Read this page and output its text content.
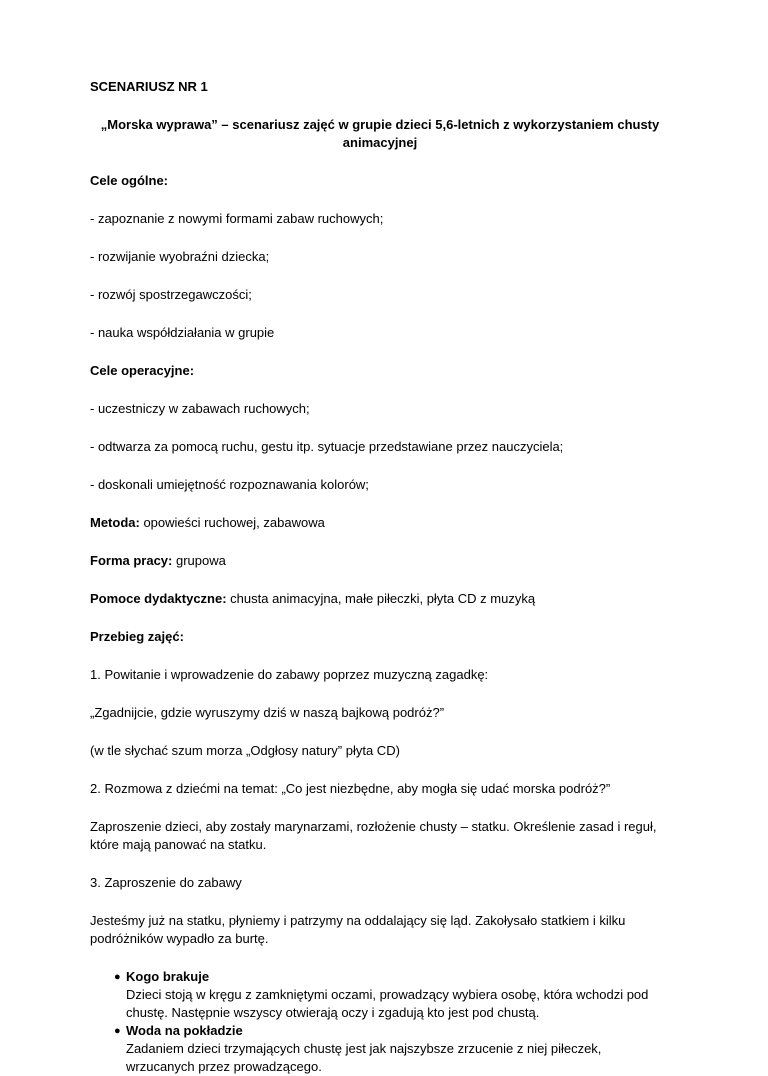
SCENARIUSZ NR 1

„Morska wyprawa” – scenariusz zajęć w grupie dzieci 5,6-letnich z wykorzystaniem chusty animacyjnej

Cele ogólne:

- zapoznanie z nowymi formami zabaw ruchowych;

- rozwijanie wyobraźni dziecka;

- rozwój spostrzegawczości;

- nauka współdziałania w grupie

Cele operacyjne:

- uczestniczy w zabawach ruchowych;

- odtwarza za pomocą ruchu, gestu itp. sytuacje przedstawiane przez nauczyciela;

- doskonali umiejętność rozpoznawania kolorów;

Metoda: opowieści ruchowej, zabawowa

Forma pracy: grupowa

Pomoce dydaktyczne: chusta animacyjna, małe piłeczki, płyta CD z muzyką

Przebieg zajęć:

1. Powitanie i wprowadzenie do zabawy poprzez muzyczną zagadkę:

„Zgadnijcie, gdzie wyruszymy dziś w naszą bajkową podróż?”

(w tle słychać szum morza „Odgłosy natury” płyta CD)

2. Rozmowa z dziećmi na temat: „Co jest niezbędne, aby mogła się udać morska podróż?”

Zaproszenie dzieci, aby zostały marynarzami, rozłożenie chusty – statku. Określenie zasad i reguł, które mają panować na statku.

3. Zaproszenie do zabawy

Jesteśmy już na statku, płyniemy i patrzymy na oddalający się ląd. Zakołysało statkiem i kilku podróżników wypadło za burtę.

● Kogo brakuje
Dzieci stoją w kręgu z zamkniętymi oczami, prowadzący wybiera osobę, która wchodzi pod chustę. Następnie wszyscy otwierają oczy i zgadują kto jest pod chustą.
● Woda na pokładzie
Zadaniem dzieci trzymających chustę jest jak najszybsze zrzucenie z niej piłeczek, wrzucanych przez prowadzącego.
